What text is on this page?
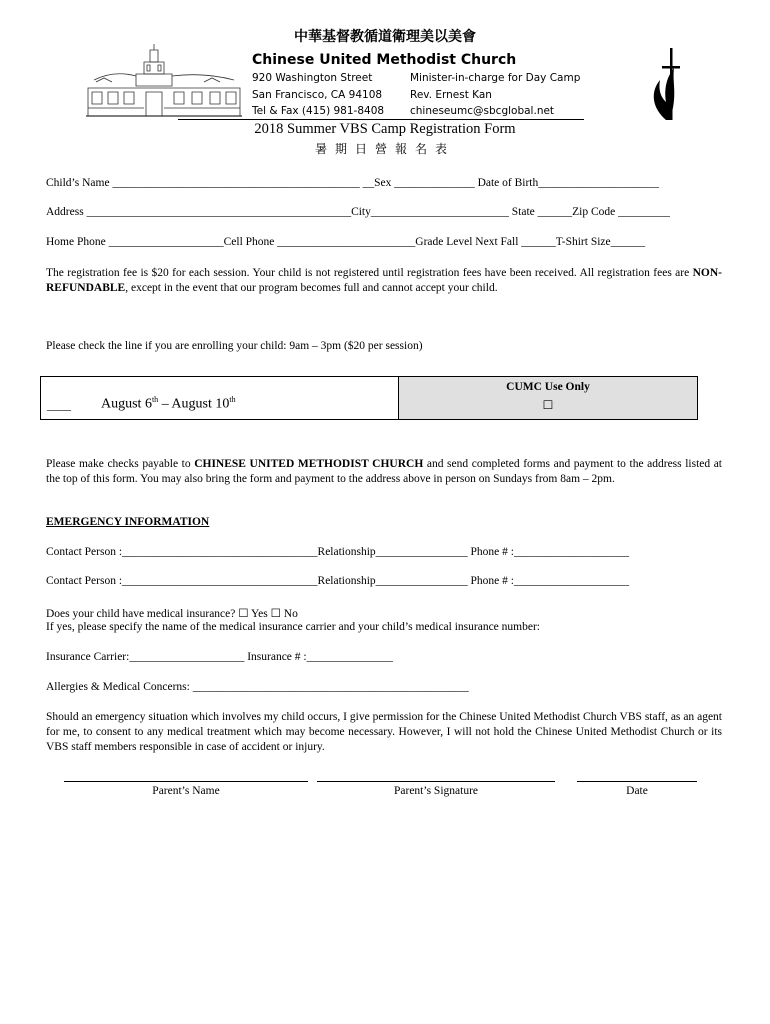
中華基督教循道衛理美以美會
Chinese United Methodist Church
920 Washington Street
San Francisco, CA 94108
Tel & Fax (415) 981-8408
Minister-in-charge for Day Camp
Rev. Ernest Kan
chineseumc@sbcglobal.net
2018 Summer VBS Camp Registration Form
暑期日營報名表
Child’s Name ___________________________________________ __Sex ______________ Date of Birth_____________________
Address ______________________________________________City________________________ State ______Zip Code _________
Home Phone ____________________Cell Phone ________________________Grade Level Next Fall ______T-Shirt Size______
The registration fee is $20 for each session. Your child is not registered until registration fees have been received. All registration fees are NON-REFUNDABLE, except in the event that our program becomes full and cannot accept your child.
Please check the line if you are enrolling your child: 9am – 3pm ($20 per session)
____ August 6th – August 10th
CUMC Use Only
☐
Please make checks payable to CHINESE UNITED METHODIST CHURCH and send completed forms and payment to the address listed at the top of this form. You may also bring the form and payment to the address above in person on Sundays from 8am – 2pm.
EMERGENCY INFORMATION
Contact Person :__________________________________Relationship________________ Phone # :____________________
Contact Person :__________________________________Relationship________________ Phone # :____________________
Does your child have medical insurance? ☐ Yes ☐ No
If yes, please specify the name of the medical insurance carrier and your child’s medical insurance number:
Insurance Carrier:____________________ Insurance # :_______________
Allergies & Medical Concerns: ________________________________________________
Should an emergency situation which involves my child occurs, I give permission for the Chinese United Methodist Church VBS staff, as an agent for me, to consent to any medical treatment which may become necessary. However, I will not hold the Chinese United Methodist Church or its VBS staff members responsible in case of accident or injury.
Parent’s Name	Parent’s Signature	Date
